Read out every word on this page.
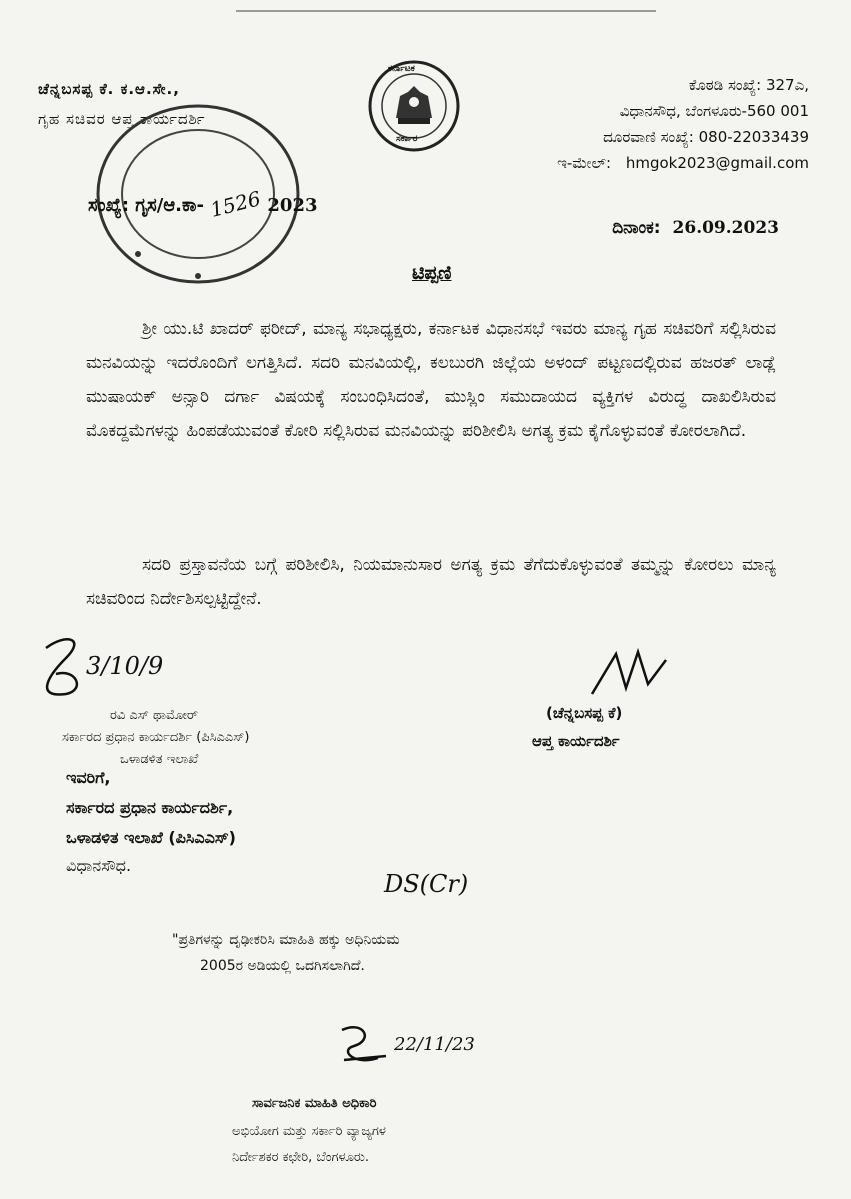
ಚೆನ್ನಬಸಪ್ಪ ಕೆ. ಕ.ಆ.ಸೇ.,
ಗೃಹ ಸಚಿವರ ಆಪ್ತ ಕಾರ್ಯದರ್ಶಿ
ಕರ್ನಾಟಕ
ಸರ್ಕಾರ
ಕೊಠಡಿ ಸಂಖ್ಯೆ: 327ಎ,
ವಿಧಾನಸೌಧ, ಬೆಂಗಳೂರು-560 001
ದೂರವಾಣಿ ಸಂಖ್ಯೆ: 080-22033439
ಇ-ಮೇಲ್: hmgok2023@gmail.com
ಸಂಖ್ಯೆ: ಗೃಸ/ಆ.ಕಾ- 1526 2023
ದಿನಾಂಕ: 26.09.2023
ಟಿಪ್ಪಣಿ
ಶ್ರೀ ಯು.ಟಿ ಖಾದರ್ ಫರೀದ್, ಮಾನ್ಯ ಸಭಾಧ್ಯಕ್ಷರು, ಕರ್ನಾಟಕ ವಿಧಾನಸಭೆ ಇವರು ಮಾನ್ಯ ಗೃಹ ಸಚಿವರಿಗೆ ಸಲ್ಲಿಸಿರುವ ಮನವಿಯನ್ನು ಇದರೊಂದಿಗೆ ಲಗತ್ತಿಸಿದೆ. ಸದರಿ ಮನವಿಯಲ್ಲಿ, ಕಲಬುರಗಿ ಜಿಲ್ಲೆಯ ಅಳಂದ್ ಪಟ್ಟಣದಲ್ಲಿರುವ ಹಜರತ್ ಲಾಡ್ಲೆ ಮುಷಾಯಕ್ ಅನ್ಸಾರಿ ದರ್ಗಾ ವಿಷಯಕ್ಕೆ ಸಂಬಂಧಿಸಿದಂತೆ, ಮುಸ್ಲಿಂ ಸಮುದಾಯದ ವ್ಯಕ್ತಿಗಳ ವಿರುದ್ಧ ದಾಖಲಿಸಿರುವ ಮೊಕದ್ದಮೆಗಳನ್ನು ಹಿಂಪಡೆಯುವಂತೆ ಕೋರಿ ಸಲ್ಲಿಸಿರುವ ಮನವಿಯನ್ನು ಪರಿಶೀಲಿಸಿ ಅಗತ್ಯ ಕ್ರಮ ಕೈಗೊಳ್ಳುವಂತೆ ಕೋರಲಾಗಿದೆ.
ಸದರಿ ಪ್ರಸ್ತಾವನೆಯ ಬಗ್ಗೆ ಪರಿಶೀಲಿಸಿ, ನಿಯಮಾನುಸಾರ ಅಗತ್ಯ ಕ್ರಮ ತೆಗೆದುಕೊಳ್ಳುವಂತೆ ತಮ್ಮನ್ನು ಕೋರಲು ಮಾನ್ಯ ಸಚಿವರಿಂದ ನಿರ್ದೇಶಿಸಲ್ಪಟ್ಟಿದ್ದೇನೆ.
3/10/9
ರವಿ ಎಸ್ ಥಾಮೋರ್
ಸರ್ಕಾರದ ಪ್ರಧಾನ ಕಾರ್ಯದರ್ಶಿ (ಪಿಸಿಎಎಸ್)
ಒಳಾಡಳಿತ ಇಲಾಖೆ
(ಚೆನ್ನಬಸಪ್ಪ ಕೆ)
ಆಪ್ತ ಕಾರ್ಯದರ್ಶಿ
ಇವರಿಗೆ,
ಸರ್ಕಾರದ ಪ್ರಧಾನ ಕಾರ್ಯದರ್ಶಿ,
ಒಳಾಡಳಿತ ಇಲಾಖೆ (ಪಿಸಿಎಎಸ್)
ವಿಧಾನಸೌಧ.
DS(Cr)
"ಪ್ರತಿಗಳನ್ನು ದೃಢೀಕರಿಸಿ ಮಾಹಿತಿ ಹಕ್ಕು ಅಧಿನಿಯಮ
2005ರ ಅಡಿಯಲ್ಲಿ ಒದಗಿಸಲಾಗಿದೆ.
22/11/23
ಸಾರ್ವಜನಿಕ ಮಾಹಿತಿ ಅಧಿಕಾರಿ
ಅಭಿಯೋಗ ಮತ್ತು ಸರ್ಕಾರಿ ವ್ಯಾಜ್ಯಗಳ
ನಿರ್ದೇಶಕರ ಕಛೇರಿ, ಬೆಂಗಳೂರು.
